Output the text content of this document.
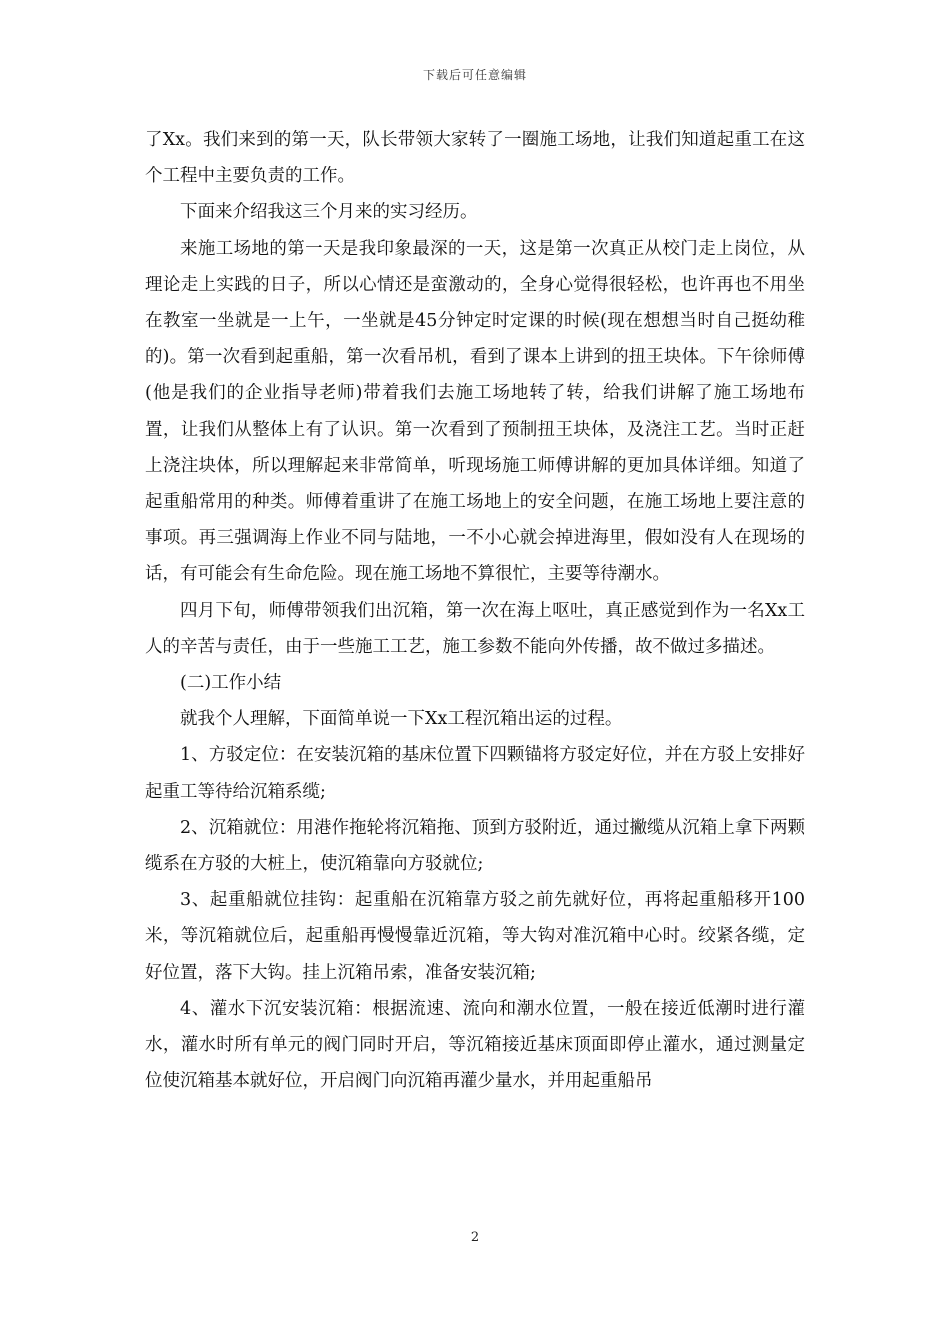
下载后可任意编辑

了Xx。我们来到的第一天，队长带领大家转了一圈施工场地，让我们知道起重工在这个工程中主要负责的工作。

下面来介绍我这三个月来的实习经历。

来施工场地的第一天是我印象最深的一天，这是第一次真正从校门走上岗位，从理论走上实践的日子，所以心情还是蛮激动的，全身心觉得很轻松，也许再也不用坐在教室一坐就是一上午，一坐就是45分钟定时定课的时候(现在想想当时自己挺幼稚的)。第一次看到起重船，第一次看吊机，看到了课本上讲到的扭王块体。下午徐师傅(他是我们的企业指导老师)带着我们去施工场地转了转，给我们讲解了施工场地布置，让我们从整体上有了认识。第一次看到了预制扭王块体，及浇注工艺。当时正赶上浇注块体，所以理解起来非常简单，听现场施工师傅讲解的更加具体详细。知道了起重船常用的种类。师傅着重讲了在施工场地上的安全问题，在施工场地上要注意的事项。再三强调海上作业不同与陆地，一不小心就会掉进海里，假如没有人在现场的话，有可能会有生命危险。现在施工场地不算很忙，主要等待潮水。

四月下旬，师傅带领我们出沉箱，第一次在海上呕吐，真正感觉到作为一名Xx工人的辛苦与责任，由于一些施工工艺，施工参数不能向外传播，故不做过多描述。

(二)工作小结

就我个人理解，下面简单说一下Xx工程沉箱出运的过程。

1、方驳定位：在安装沉箱的基床位置下四颗锚将方驳定好位，并在方驳上安排好起重工等待给沉箱系缆;

2、沉箱就位：用港作拖轮将沉箱拖、顶到方驳附近，通过撇缆从沉箱上拿下两颗缆系在方驳的大桩上，使沉箱靠向方驳就位;

3、起重船就位挂钩：起重船在沉箱靠方驳之前先就好位，再将起重船移开100米，等沉箱就位后，起重船再慢慢靠近沉箱，等大钩对准沉箱中心时。绞紧各缆，定好位置，落下大钩。挂上沉箱吊索，准备安装沉箱;

4、灌水下沉安装沉箱：根据流速、流向和潮水位置，一般在接近低潮时进行灌水，灌水时所有单元的阀门同时开启，等沉箱接近基床顶面即停止灌水，通过测量定位使沉箱基本就好位，开启阀门向沉箱再灌少量水，并用起重船吊

2
